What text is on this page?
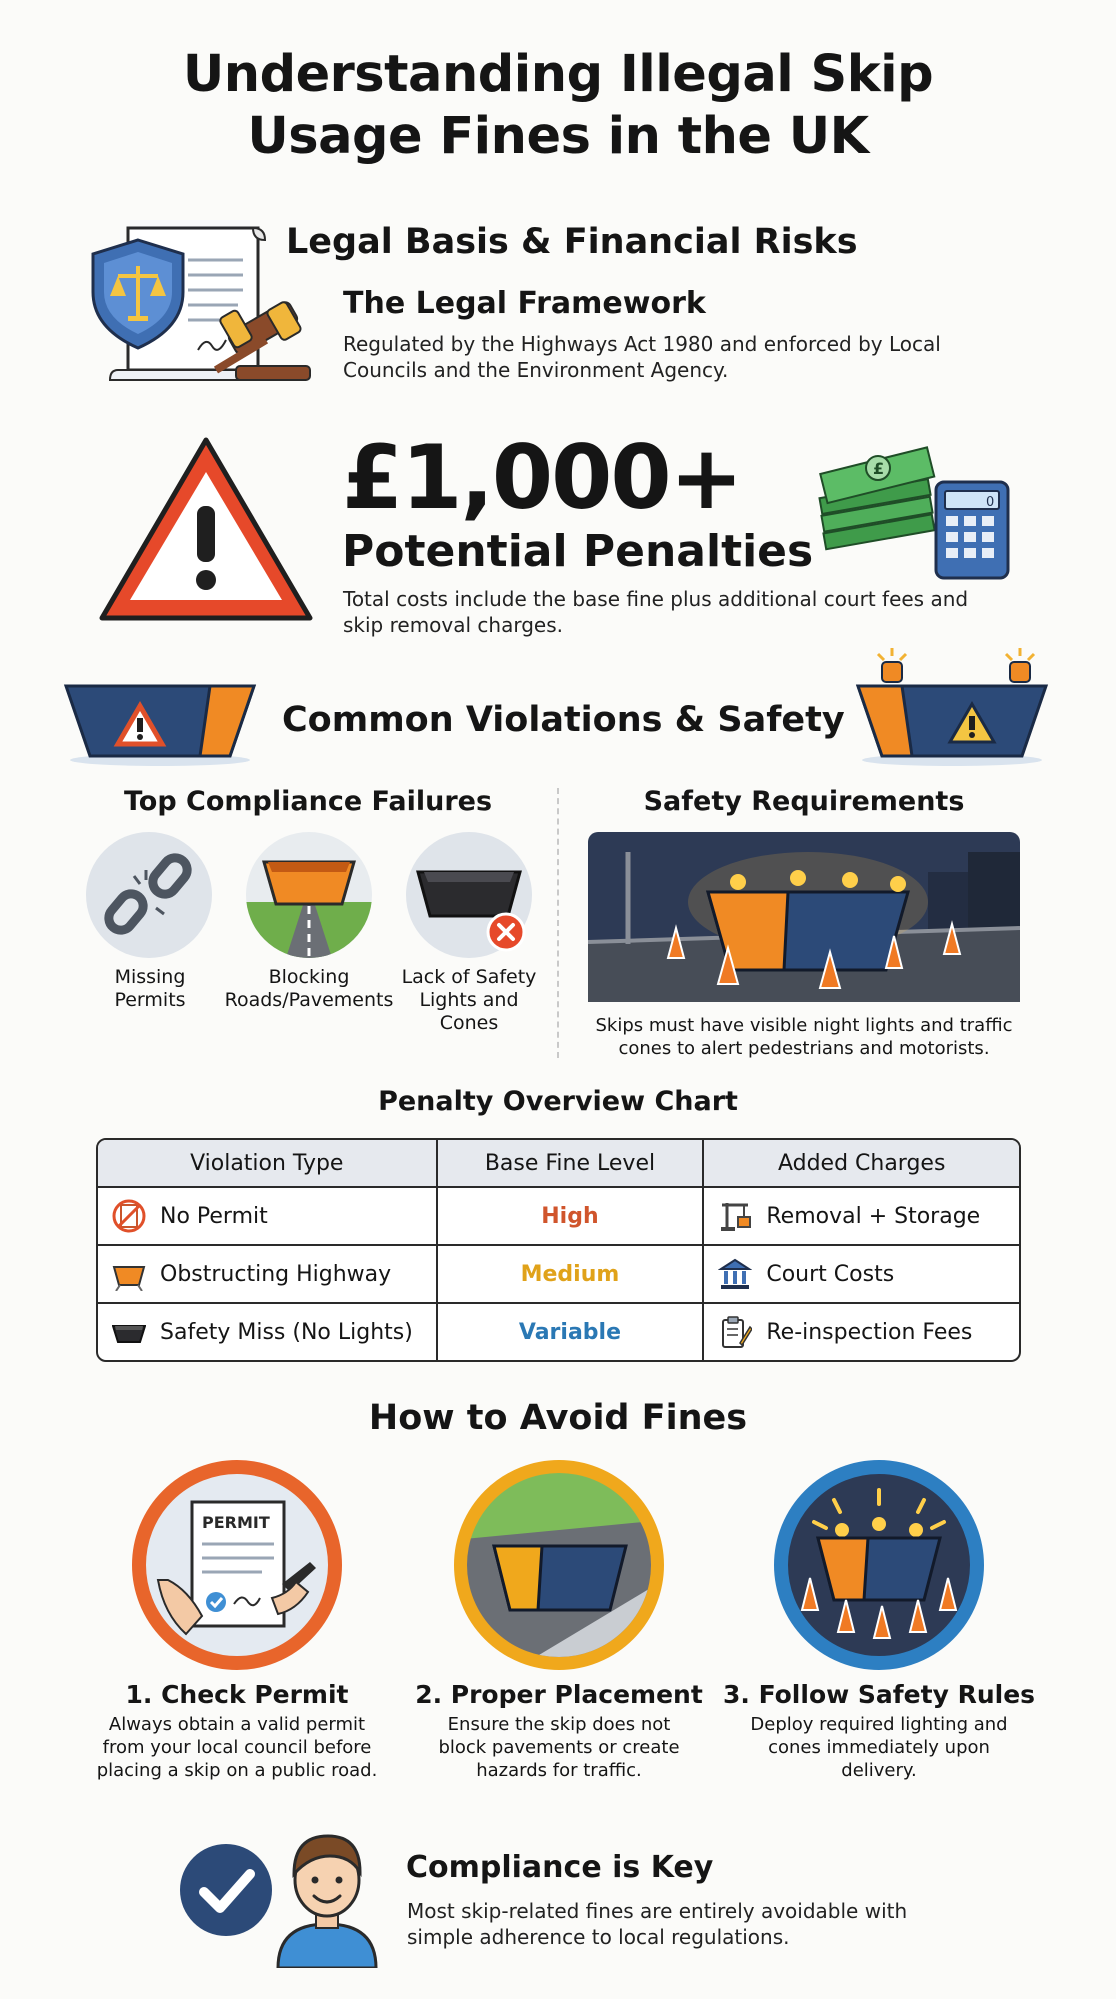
Understanding Illegal Skip
Usage Fines in the UK
Legal Basis & Financial Risks
The Legal Framework
Regulated by the Highways Act 1980 and enforced by Local
Councils and the Environment Agency.
£1,000+
Potential Penalties
Total costs include the base fine plus additional court fees and
skip removal charges.
£
0
Common Violations & Safety
Top Compliance Failures
Missing
Permits
Blocking
Roads/Pavements
Lack of Safety
Lights and
Cones
Safety Requirements
Skips must have visible night lights and traffic
cones to alert pedestrians and motorists.
Penalty Overview Chart
Violation Type	Base Fine Level	Added Charges
No Permit	High	Removal + Storage
Obstructing Highway	Medium	Court Costs
Safety Miss (No Lights)	Variable	Re-inspection Fees
How to Avoid Fines
PERMIT
1. Check Permit
Always obtain a valid permit
from your local council before
placing a skip on a public road.
2. Proper Placement
Ensure the skip does not
block pavements or create
hazards for traffic.
3. Follow Safety Rules
Deploy required lighting and
cones immediately upon
delivery.
Compliance is Key
Most skip-related fines are entirely avoidable with
simple adherence to local regulations.
